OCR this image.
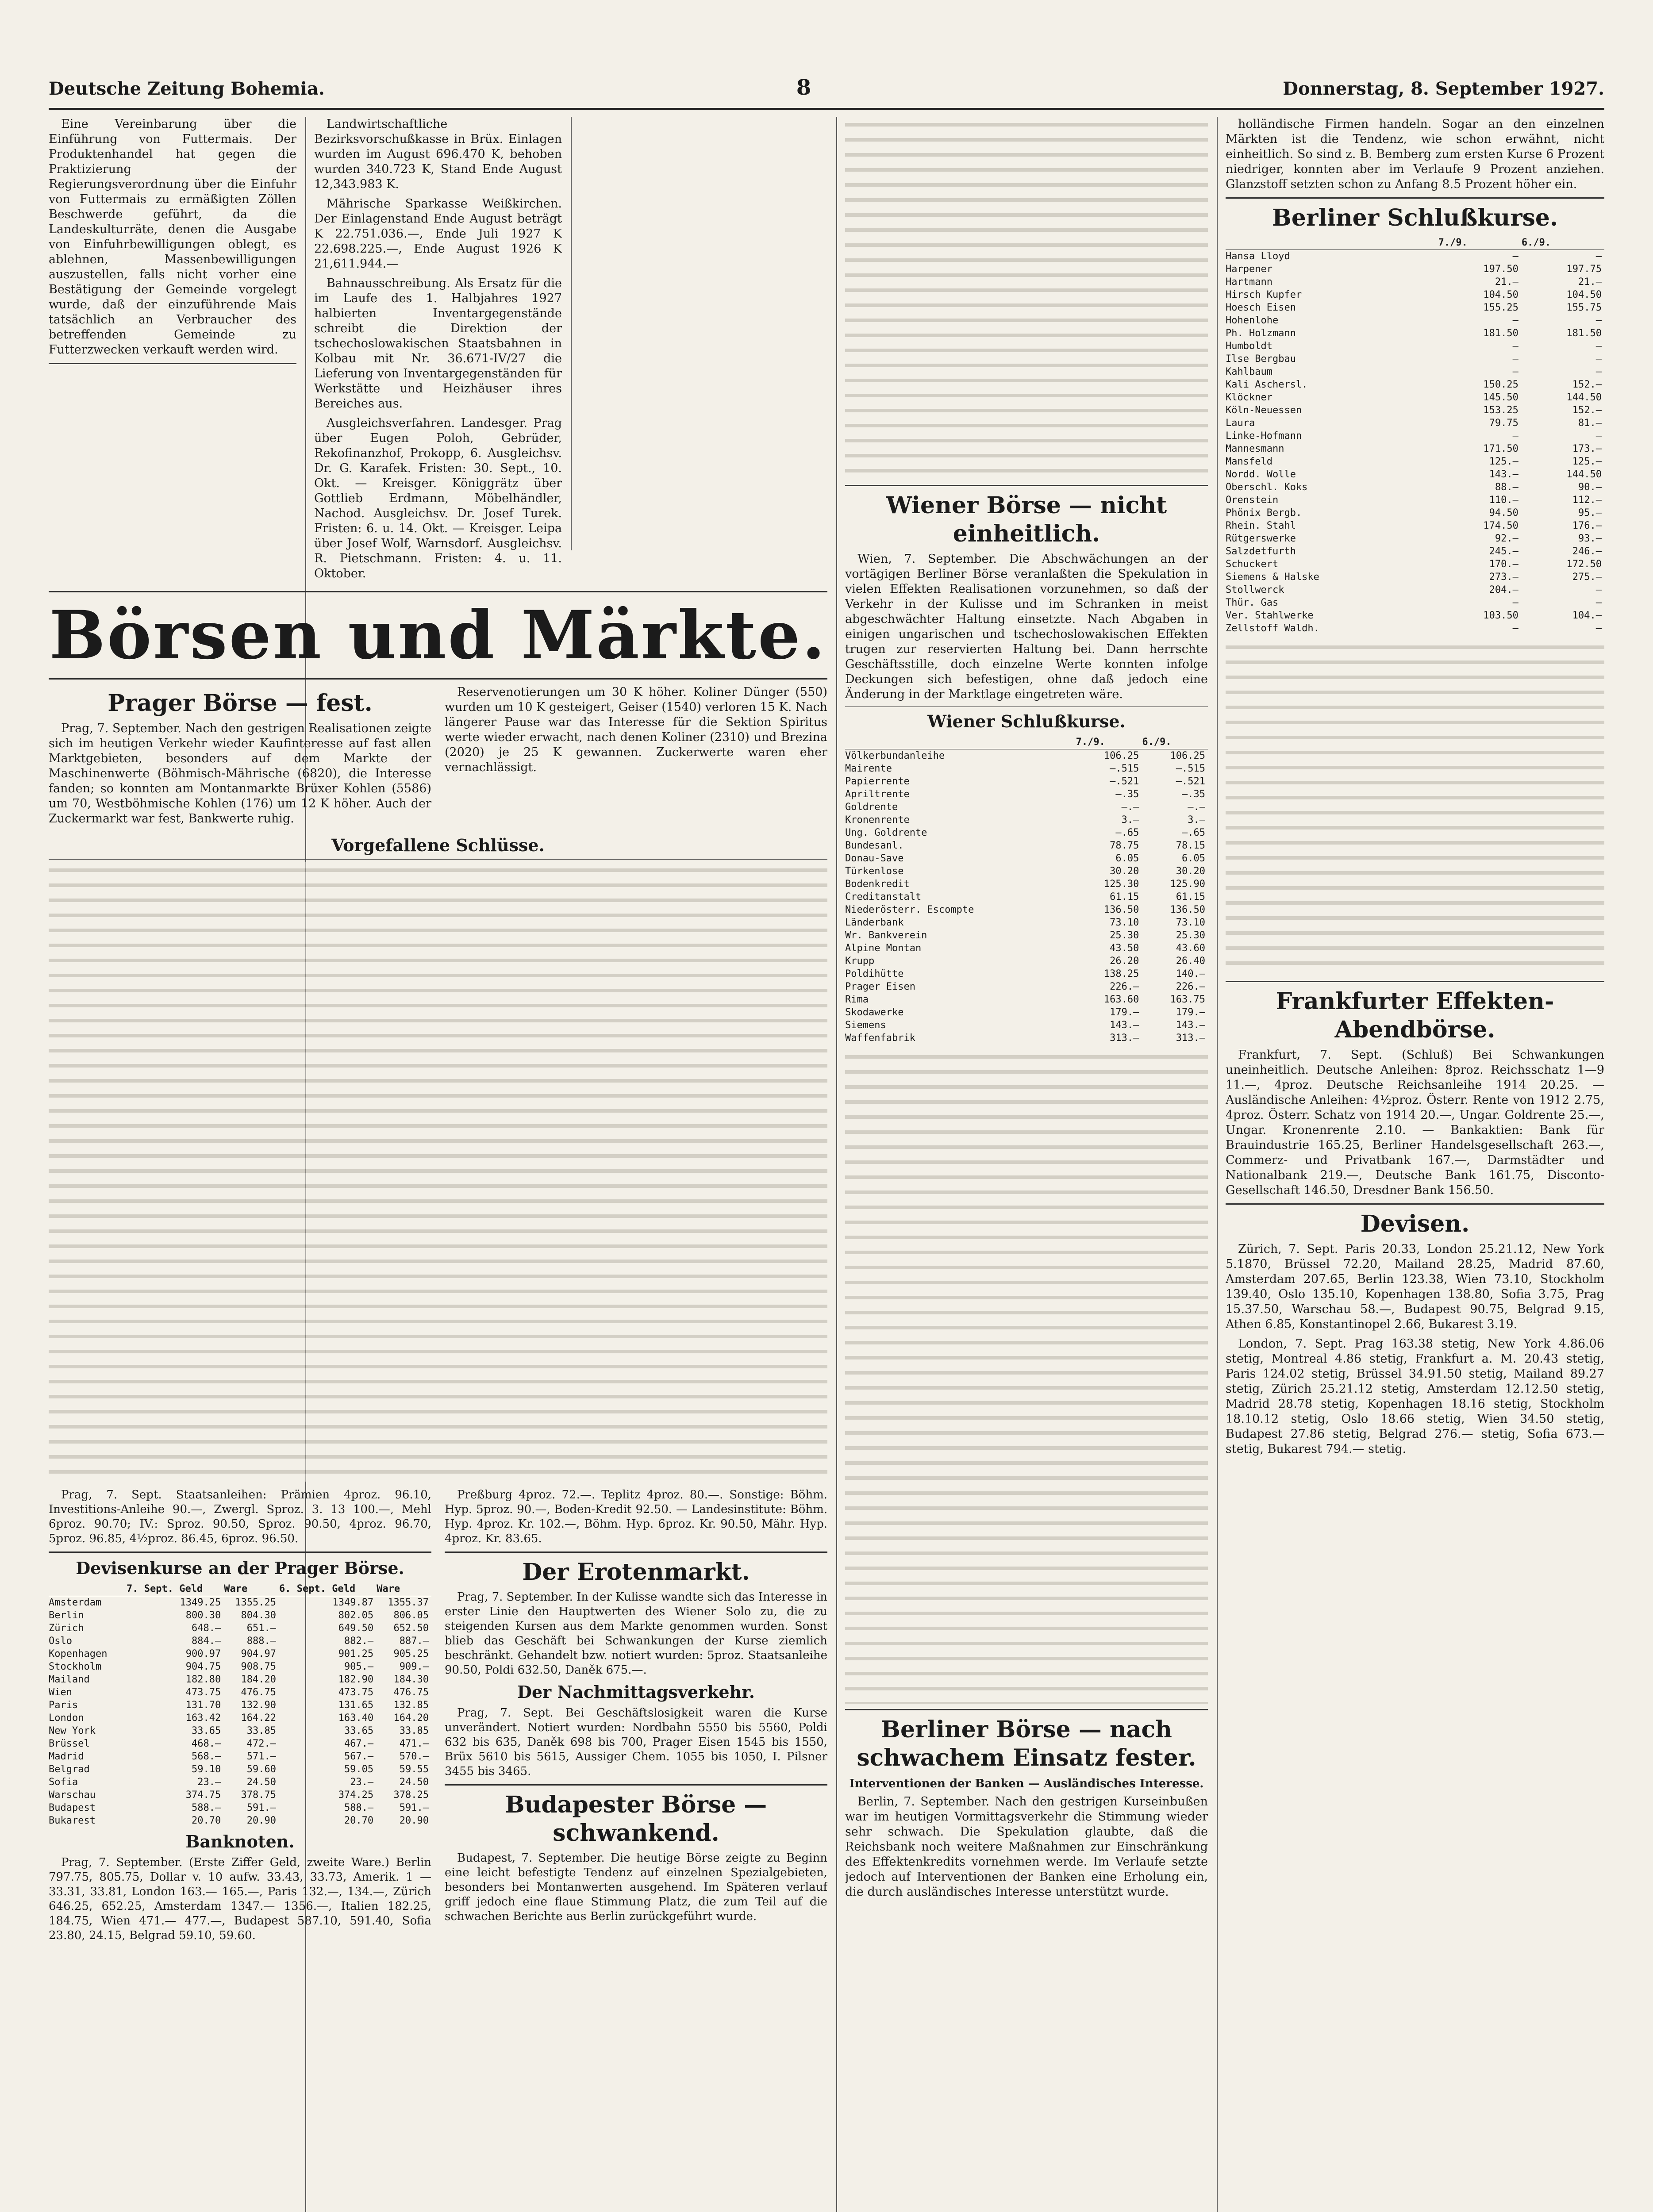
Deutsche Zeitung Bohemia.	8	Donnerstag, 8. September 1927.

Eine Vereinbarung über die Einführung von Futtermais. Der Produktenhandel hat gegen die Praktizierung der Regierungsverordnung über die Einfuhr von Futtermais zu ermäßigten Zöllen Beschwerde geführt, da die Landeskulturräte, denen die Ausgabe von Einfuhrbewilligungen oblegt, es ablehnen, Massenbewilligungen auszustellen, falls nicht vorher eine Bestätigung der Gemeinde vorgelegt wurde, daß der einzuführende Mais tatsächlich an Verbraucher des betreffenden Gemeinde zu Futterzwecken verkauft werden wird.

Landwirtschaftliche Bezirksvorschußkasse in Brüx. Einlagen wurden im August 696.470 K, behoben wurden 340.723 K, Stand Ende August 12,343.983 K.

Mährische Sparkasse Weißkirchen. Der Einlagenstand Ende August beträgt K 22.751.036.—, Ende Juli 1927 K 22.698.225.—, Ende August 1926 K 21,611.944.—

Bahnausschreibung. Als Ersatz für die im Laufe des 1. Halbjahres 1927 halbierten Inventargegenstände schreibt die Direktion der tschechoslowakischen Staatsbahnen in Kolbau mit Nr. 36.671-IV/27 die Lieferung von Inventargegenständen für Werkstätte und Heizhäuser ihres Bereiches aus.

Ausgleichsverfahren. Landesger. Prag über Eugen Poloh, Gebrüder, Rekofinanzhof, Prokopp, 6. Ausgleichsv. Dr. G. Karafek. Fristen: 30. Sept., 10. Okt. — Kreisger. Königgrätz über Gottlieb Erdmann, Möbelhändler, Nachod. Ausgleichsv. Dr. Josef Turek. Fristen: 6. u. 14. Okt. — Kreisger. Leipa über Josef Wolf, Warnsdorf. Ausgleichsv. R. Pietschmann. Fristen: 4. u. 11. Oktober.

Börsen und Märkte.
Prager Börse — fest.

Prag, 7. September. Nach den gestrigen Realisationen zeigte sich im heutigen Verkehr wieder Kaufinteresse auf fast allen Marktgebieten, besonders auf dem Markte der Maschinenwerte (Böhmisch-Mährische (6820), die Interesse fanden; so konnten am Montanmarkte Brüxer Kohlen (5586) um 70, Westböhmische Kohlen (176) um 12 K höher. Auch der Zuckermarkt war fest, Bankwerte ruhig.

Reservenotierungen um 30 K höher. Koliner Dünger (550) wurden um 10 K gesteigert, Geiser (1540) verloren 15 K. Nach längerer Pause war das Interesse für die Sektion Spiritus werte wieder erwacht, nach denen Koliner (2310) und Brezina (2020) je 25 K gewannen. Zuckerwerte waren eher vernachlässigt.

Vorgefallene Schlüsse.

Prag, 7. Sept. Staatsanleihen: Prämien 4proz. 96.10, Investitions-Anleihe 90.—, Zwergl. Sproz. 3. 13 100.—, Mehl 6proz. 90.70; IV.: Sproz. 90.50, Sproz. 90.50, 4proz. 96.70, 5proz. 96.85, 4½proz. 86.45, 6proz. 96.50.

Devisenkurse an der Prager Börse.
	7. Sept. Geld	Ware	6. Sept. Geld	Ware
Amsterdam	1349.25	1355.25	1349.87	1355.37
Berlin	800.30	804.30	802.05	806.05
Zürich	648.—	651.—	649.50	652.50
Oslo	884.—	888.—	882.—	887.—
Kopenhagen	900.97	904.97	901.25	905.25
Stockholm	904.75	908.75	905.—	909.—
Mailand	182.80	184.20	182.90	184.30
Wien	473.75	476.75	473.75	476.75
Paris	131.70	132.90	131.65	132.85
London	163.42	164.22	163.40	164.20
New York	33.65	33.85	33.65	33.85
Brüssel	468.—	472.—	467.—	471.—
Madrid	568.—	571.—	567.—	570.—
Belgrad	59.10	59.60	59.05	59.55
Sofia	23.—	24.50	23.—	24.50
Warschau	374.75	378.75	374.25	378.25
Budapest	588.—	591.—	588.—	591.—
Bukarest	20.70	20.90	20.70	20.90
Banknoten.

Prag, 7. September. (Erste Ziffer Geld, zweite Ware.) Berlin 797.75, 805.75, Dollar v. 10 aufw. 33.43, 33.73, Amerik. 1 — 33.31, 33.81, London 163.— 165.—, Paris 132.—, 134.—, Zürich 646.25, 652.25, Amsterdam 1347.— 1356.—, Italien 182.25, 184.75, Wien 471.— 477.—, Budapest 587.10, 591.40, Sofia 23.80, 24.15, Belgrad 59.10, 59.60.

Preßburg 4proz. 72.—. Teplitz 4proz. 80.—. Sonstige: Böhm. Hyp. 5proz. 90.—, Boden-Kredit 92.50. — Landesinstitute: Böhm. Hyp. 4proz. Kr. 102.—, Böhm. Hyp. 6proz. Kr. 90.50, Mähr. Hyp. 4proz. Kr. 83.65.

Der Erotenmarkt.

Prag, 7. September. In der Kulisse wandte sich das Interesse in erster Linie den Hauptwerten des Wiener Solo zu, die zu steigenden Kursen aus dem Markte genommen wurden. Sonst blieb das Geschäft bei Schwankungen der Kurse ziemlich beschränkt. Gehandelt bzw. notiert wurden: 5proz. Staatsanleihe 90.50, Poldi 632.50, Daněk 675.—.

Der Nachmittagsverkehr.

Prag, 7. Sept. Bei Geschäftslosigkeit waren die Kurse unverändert. Notiert wurden: Nordbahn 5550 bis 5560, Poldi 632 bis 635, Daněk 698 bis 700, Prager Eisen 1545 bis 1550, Brüx 5610 bis 5615, Aussiger Chem. 1055 bis 1050, I. Pilsner 3455 bis 3465.

Budapester Börse — schwankend.

Budapest, 7. September. Die heutige Börse zeigte zu Beginn eine leicht befestigte Tendenz auf einzelnen Spezialgebieten, besonders bei Montanwerten ausgehend. Im Späteren verlauf griff jedoch eine flaue Stimmung Platz, die zum Teil auf die schwachen Berichte aus Berlin zurückgeführt wurde.

Wiener Börse — nicht einheitlich.

Wien, 7. September. Die Abschwächungen an der vortägigen Berliner Börse veranlaßten die Spekulation in vielen Effekten Realisationen vorzunehmen, so daß der Verkehr in der Kulisse und im Schranken in meist abgeschwächter Haltung einsetzte. Nach Abgaben in einigen ungarischen und tschechoslowakischen Effekten trugen zur reservierten Haltung bei. Dann herrschte Geschäftsstille, doch einzelne Werte konnten infolge Deckungen sich befestigen, ohne daß jedoch eine Änderung in der Marktlage eingetreten wäre.

Wiener Schlußkurse.
	7./9.	6./9.
Völkerbundanleihe	106.25	106.25
Mairente	—.515	—.515
Papierrente	—.521	—.521
Apriltrente	—.35	—.35
Goldrente	—.—	—.—
Kronenrente	3.—	3.—
Ung. Goldrente	—.65	—.65
Bundesanl.	78.75	78.15
Donau-Save	6.05	6.05
Türkenlose	30.20	30.20
Bodenkredit	125.30	125.90
Creditanstalt	61.15	61.15
Niederösterr. Escompte	136.50	136.50
Länderbank	73.10	73.10
Wr. Bankverein	25.30	25.30
Alpine Montan	43.50	43.60
Krupp	26.20	26.40
Poldihütte	138.25	140.—
Prager Eisen	226.—	226.—
Rima	163.60	163.75
Skodawerke	179.—	179.—
Siemens	143.—	143.—
Waffenfabrik	313.—	313.—
Berliner Börse — nach schwachem Einsatz fester.
Interventionen der Banken — Ausländisches Interesse.

Berlin, 7. September. Nach den gestrigen Kurseinbußen war im heutigen Vormittagsverkehr die Stimmung wieder sehr schwach. Die Spekulation glaubte, daß die Reichsbank noch weitere Maßnahmen zur Einschränkung des Effektenkredits vornehmen werde. Im Verlaufe setzte jedoch auf Interventionen der Banken eine Erholung ein, die durch ausländisches Interesse unterstützt wurde.

holländische Firmen handeln. Sogar an den einzelnen Märkten ist die Tendenz, wie schon erwähnt, nicht einheitlich. So sind z. B. Bemberg zum ersten Kurse 6 Prozent niedriger, konnten aber im Verlaufe 9 Prozent anziehen. Glanzstoff setzten schon zu Anfang 8.5 Prozent höher ein.

Berliner Schlußkurse.
	7./9.	6./9.
Hansa Lloyd	—	—
Harpener	197.50	197.75
Hartmann	21.—	21.—
Hirsch Kupfer	104.50	104.50
Hoesch Eisen	155.25	155.75
Hohenlohe	—	—
Ph. Holzmann	181.50	181.50
Humboldt	—	—
Ilse Bergbau	—	—
Kahlbaum	—	—
Kali Aschersl.	150.25	152.—
Klöckner	145.50	144.50
Köln-Neuessen	153.25	152.—
Laura	79.75	81.—
Linke-Hofmann	—	—
Mannesmann	171.50	173.—
Mansfeld	125.—	125.—
Nordd. Wolle	143.—	144.50
Oberschl. Koks	88.—	90.—
Orenstein	110.—	112.—
Phönix Bergb.	94.50	95.—
Rhein. Stahl	174.50	176.—
Rütgerswerke	92.—	93.—
Salzdetfurth	245.—	246.—
Schuckert	170.—	172.50
Siemens & Halske	273.—	275.—
Stollwerck	204.—	—
Thür. Gas	—	—
Ver. Stahlwerke	103.50	104.—
Zellstoff Waldh.	—	—
Frankfurter Effekten-Abendbörse.

Frankfurt, 7. Sept. (Schluß) Bei Schwankungen uneinheitlich. Deutsche Anleihen: 8proz. Reichsschatz 1—9 11.—, 4proz. Deutsche Reichsanleihe 1914 20.25. — Ausländische Anleihen: 4½proz. Österr. Rente von 1912 2.75, 4proz. Österr. Schatz von 1914 20.—, Ungar. Goldrente 25.—, Ungar. Kronenrente 2.10. — Bankaktien: Bank für Brauindustrie 165.25, Berliner Handelsgesellschaft 263.—, Commerz- und Privatbank 167.—, Darmstädter und Nationalbank 219.—, Deutsche Bank 161.75, Disconto-Gesellschaft 146.50, Dresdner Bank 156.50.

Devisen.

Zürich, 7. Sept. Paris 20.33, London 25.21.12, New York 5.1870, Brüssel 72.20, Mailand 28.25, Madrid 87.60, Amsterdam 207.65, Berlin 123.38, Wien 73.10, Stockholm 139.40, Oslo 135.10, Kopenhagen 138.80, Sofia 3.75, Prag 15.37.50, Warschau 58.—, Budapest 90.75, Belgrad 9.15, Athen 6.85, Konstantinopel 2.66, Bukarest 3.19.

London, 7. Sept. Prag 163.38 stetig, New York 4.86.06 stetig, Montreal 4.86 stetig, Frankfurt a. M. 20.43 stetig, Paris 124.02 stetig, Brüssel 34.91.50 stetig, Mailand 89.27 stetig, Zürich 25.21.12 stetig, Amsterdam 12.12.50 stetig, Madrid 28.78 stetig, Kopenhagen 18.16 stetig, Stockholm 18.10.12 stetig, Oslo 18.66 stetig, Wien 34.50 stetig, Budapest 27.86 stetig, Belgrad 276.— stetig, Sofia 673.— stetig, Bukarest 794.— stetig.
